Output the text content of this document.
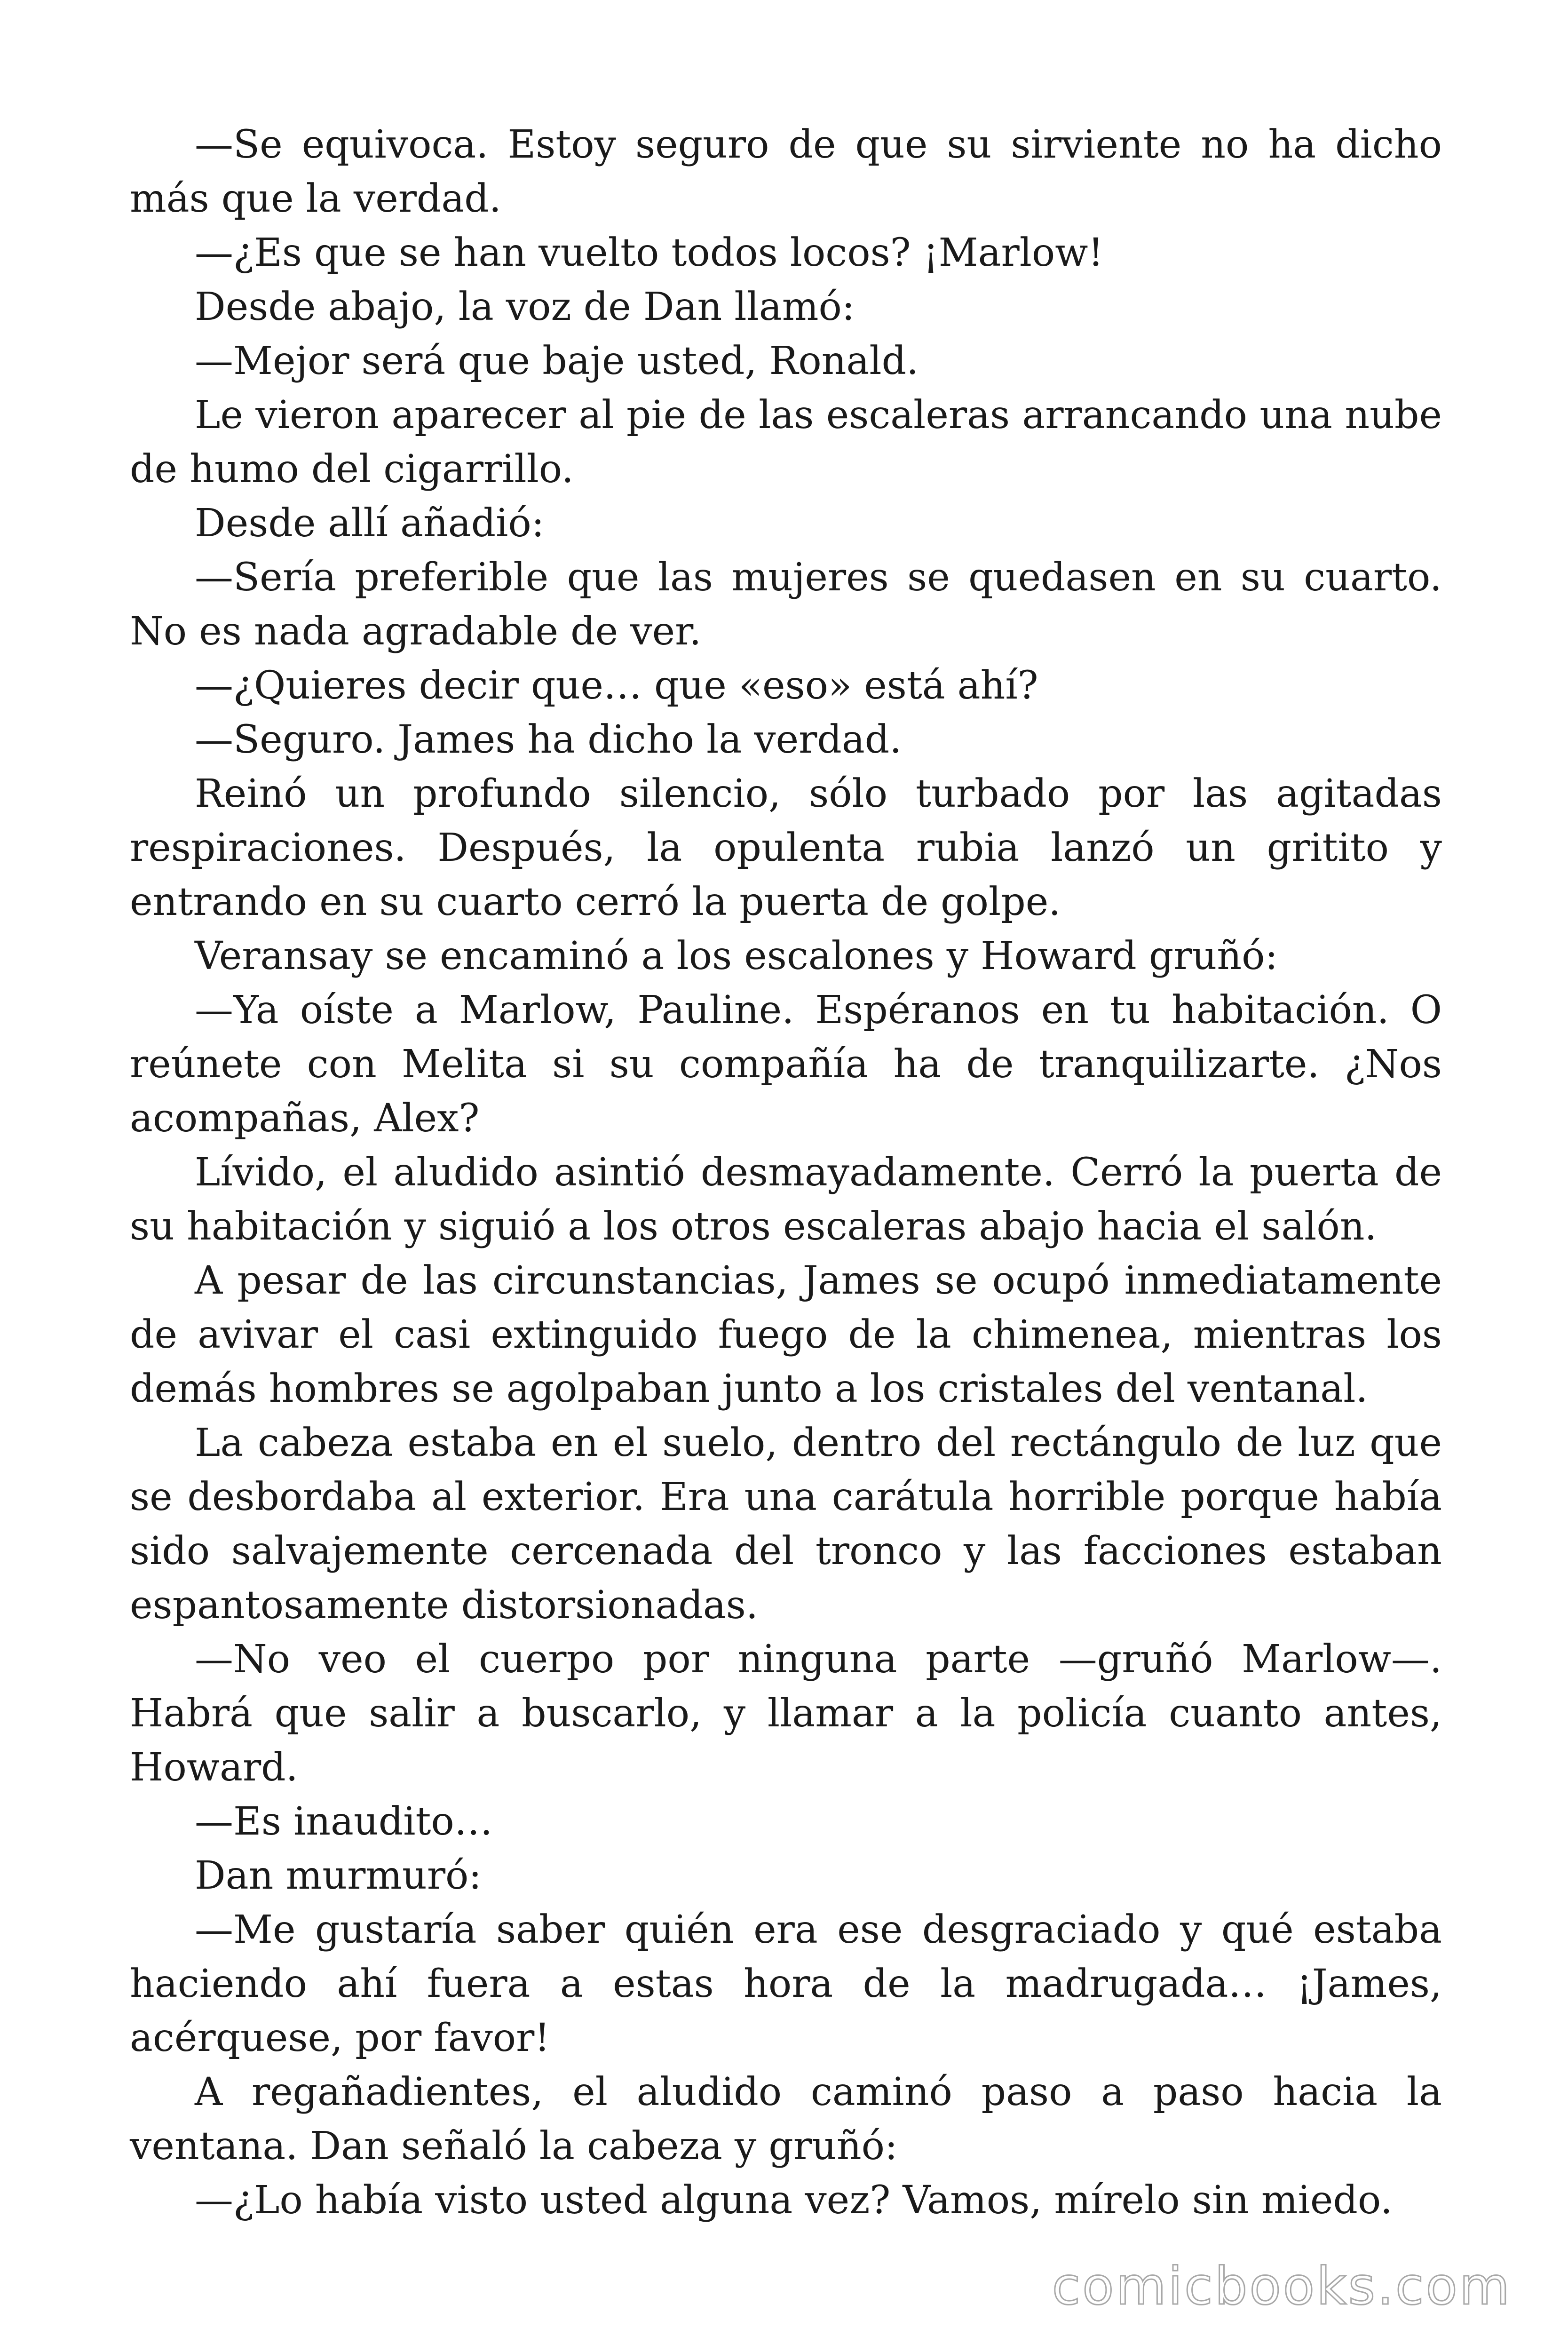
—Se equivoca. Estoy seguro de que su sirviente no ha dicho más que la verdad.

—¿Es que se han vuelto todos locos? ¡Marlow!

Desde abajo, la voz de Dan llamó:

—Mejor será que baje usted, Ronald.

Le vieron aparecer al pie de las escaleras arrancando una nube de humo del cigarrillo.

Desde allí añadió:

—Sería preferible que las mujeres se quedasen en su cuarto. No es nada agradable de ver.

—¿Quieres decir que… que «eso» está ahí?

—Seguro. James ha dicho la verdad.

Reinó un profundo silencio, sólo turbado por las agitadas respiraciones. Después, la opulenta rubia lanzó un gritito y entrando en su cuarto cerró la puerta de golpe.

Veransay se encaminó a los escalones y Howard gruñó:

—Ya oíste a Marlow, Pauline. Espéranos en tu habitación. O reúnete con Melita si su compañía ha de tranquilizarte. ¿Nos acompañas, Alex?

Lívido, el aludido asintió desmayadamente. Cerró la puerta de su habitación y siguió a los otros escaleras abajo hacia el salón.

A pesar de las circunstancias, James se ocupó inmediatamente de avivar el casi extinguido fuego de la chimenea, mientras los demás hombres se agolpaban junto a los cristales del ventanal.

La cabeza estaba en el suelo, dentro del rectángulo de luz que se desbordaba al exterior. Era una carátula horrible porque había sido salvajemente cercenada del tronco y las facciones estaban espantosamente distorsionadas.

—No veo el cuerpo por ninguna parte —gruñó Marlow—. Habrá que salir a buscarlo, y llamar a la policía cuanto antes, Howard.

—Es inaudito…

Dan murmuró:

—Me gustaría saber quién era ese desgraciado y qué estaba haciendo ahí fuera a estas hora de la madrugada… ¡James, acérquese, por favor!

A regañadientes, el aludido caminó paso a paso hacia la ventana. Dan señaló la cabeza y gruñó:

—¿Lo había visto usted alguna vez? Vamos, mírelo sin miedo.

comicbooks.com
